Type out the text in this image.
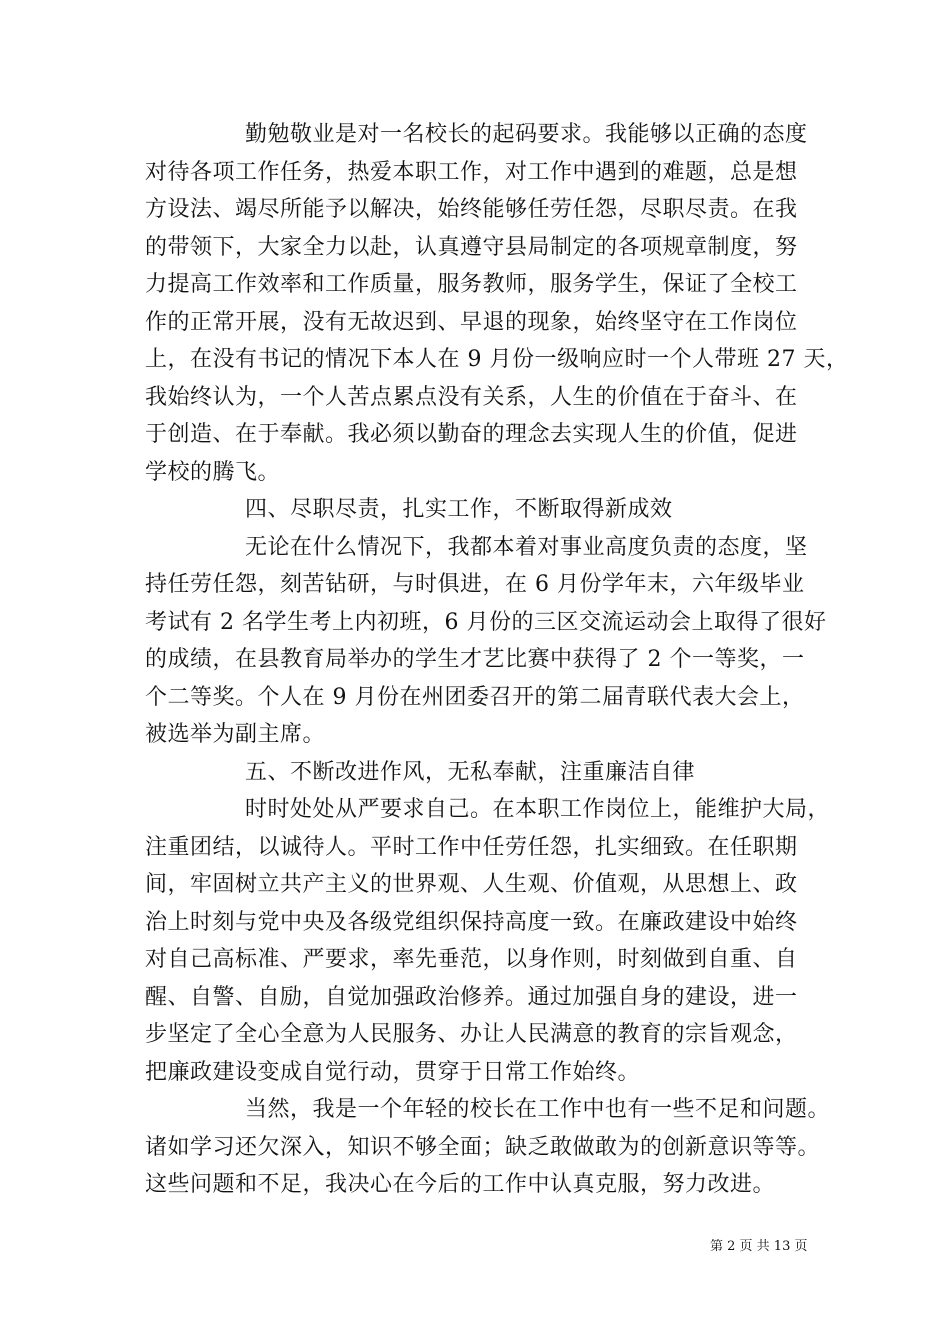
勤勉敬业是对一名校长的起码要求。我能够以正确的态度
对待各项工作任务，热爱本职工作，对工作中遇到的难题，总是想
方设法、竭尽所能予以解决，始终能够任劳任怨，尽职尽责。在我
的带领下，大家全力以赴，认真遵守县局制定的各项规章制度，努
力提高工作效率和工作质量，服务教师，服务学生，保证了全校工
作的正常开展，没有无故迟到、早退的现象，始终坚守在工作岗位
上，在没有书记的情况下本人在 9 月份一级响应时一个人带班 27 天，
我始终认为，一个人苦点累点没有关系，人生的价值在于奋斗、在
于创造、在于奉献。我必须以勤奋的理念去实现人生的价值，促进
学校的腾飞。
四、尽职尽责，扎实工作，不断取得新成效
无论在什么情况下，我都本着对事业高度负责的态度，坚
持任劳任怨，刻苦钻研，与时俱进，在 6 月份学年末，六年级毕业
考试有 2 名学生考上内初班，6 月份的三区交流运动会上取得了很好
的成绩，在县教育局举办的学生才艺比赛中获得了 2 个一等奖，一
个二等奖。个人在 9 月份在州团委召开的第二届青联代表大会上，
被选举为副主席。
五、不断改进作风，无私奉献，注重廉洁自律
时时处处从严要求自己。在本职工作岗位上，能维护大局，
注重团结，以诚待人。平时工作中任劳任怨，扎实细致。在任职期
间，牢固树立共产主义的世界观、人生观、价值观，从思想上、政
治上时刻与党中央及各级党组织保持高度一致。在廉政建设中始终
对自己高标准、严要求，率先垂范，以身作则，时刻做到自重、自
醒、自警、自励，自觉加强政治修养。通过加强自身的建设，进一
步坚定了全心全意为人民服务、办让人民满意的教育的宗旨观念，
把廉政建设变成自觉行动，贯穿于日常工作始终。
当然，我是一个年轻的校长在工作中也有一些不足和问题。
诸如学习还欠深入，知识不够全面；缺乏敢做敢为的创新意识等等。
这些问题和不足，我决心在今后的工作中认真克服，努力改进。
第 2 页 共 13 页
